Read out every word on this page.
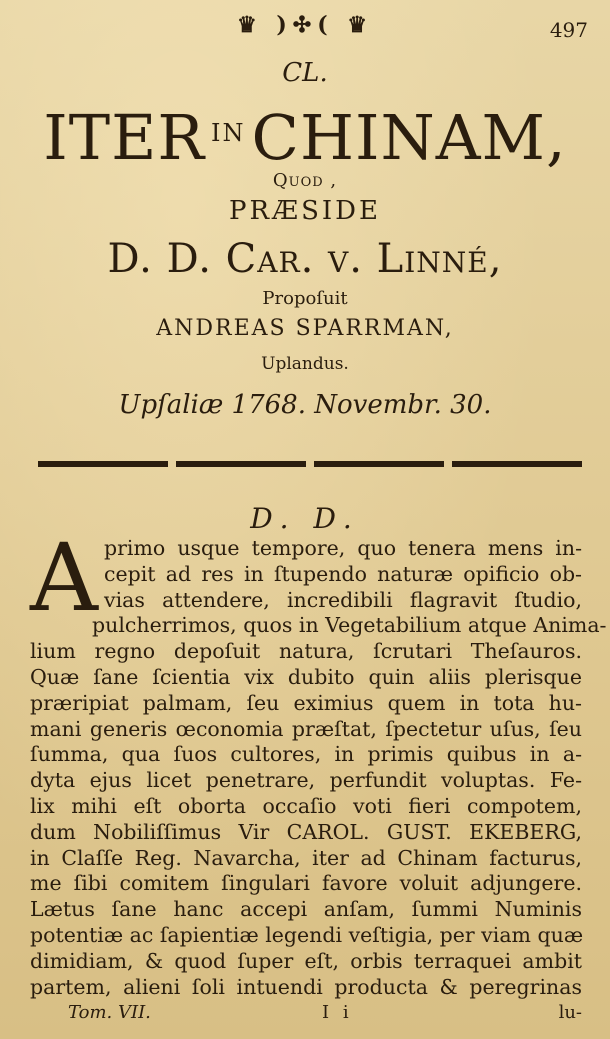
♛ )✣( ♛	497
CL.
ITER $^{IN}$CHINAM,
Quod ,
PRÆSIDE
D. D. Car. v. Linné,
Propoſuit
ANDREAS SPARRMAN,
Uplandus.
Upſaliæ 1768. Novembr. 30.
D. D.
A primo usque tempore, quo tenera mens in-
cepit ad res in ſtupendo naturæ opificio ob-
vias attendere, incredibili flagravit ſtudio,
pulcherrimos, quos in Vegetabilium atque Anima-
lium regno depoſuit natura, ſcrutari Theſauros.
Quæ ſane ſcientia vix dubito quin aliis plerisque
præripiat palmam, ſeu eximius quem in tota hu-
mani generis œconomia præſtat, ſpectetur uſus, ſeu
ſumma, qua ſuos cultores, in primis quibus in a-
dyta ejus licet penetrare, perfundit voluptas. Fe-
lix mihi eſt oborta occaſio voti fieri compotem,
dum Nobiliſſimus Vir CAROL. GUST. EKEBERG,
in Claſſe Reg. Navarcha, iter ad Chinam facturus,
me ſibi comitem ſingulari favore voluit adjungere.
Lætus ſane hanc accepi anſam, ſummi Numinis
potentiæ ac ſapientiæ legendi veſtigia, per viam quæ
dimidiam, & quod ſuper eſt, orbis terraquei ambit
partem, alieni ſoli intuendi producta & peregrinas
Tom. VII.	I i	lu-
